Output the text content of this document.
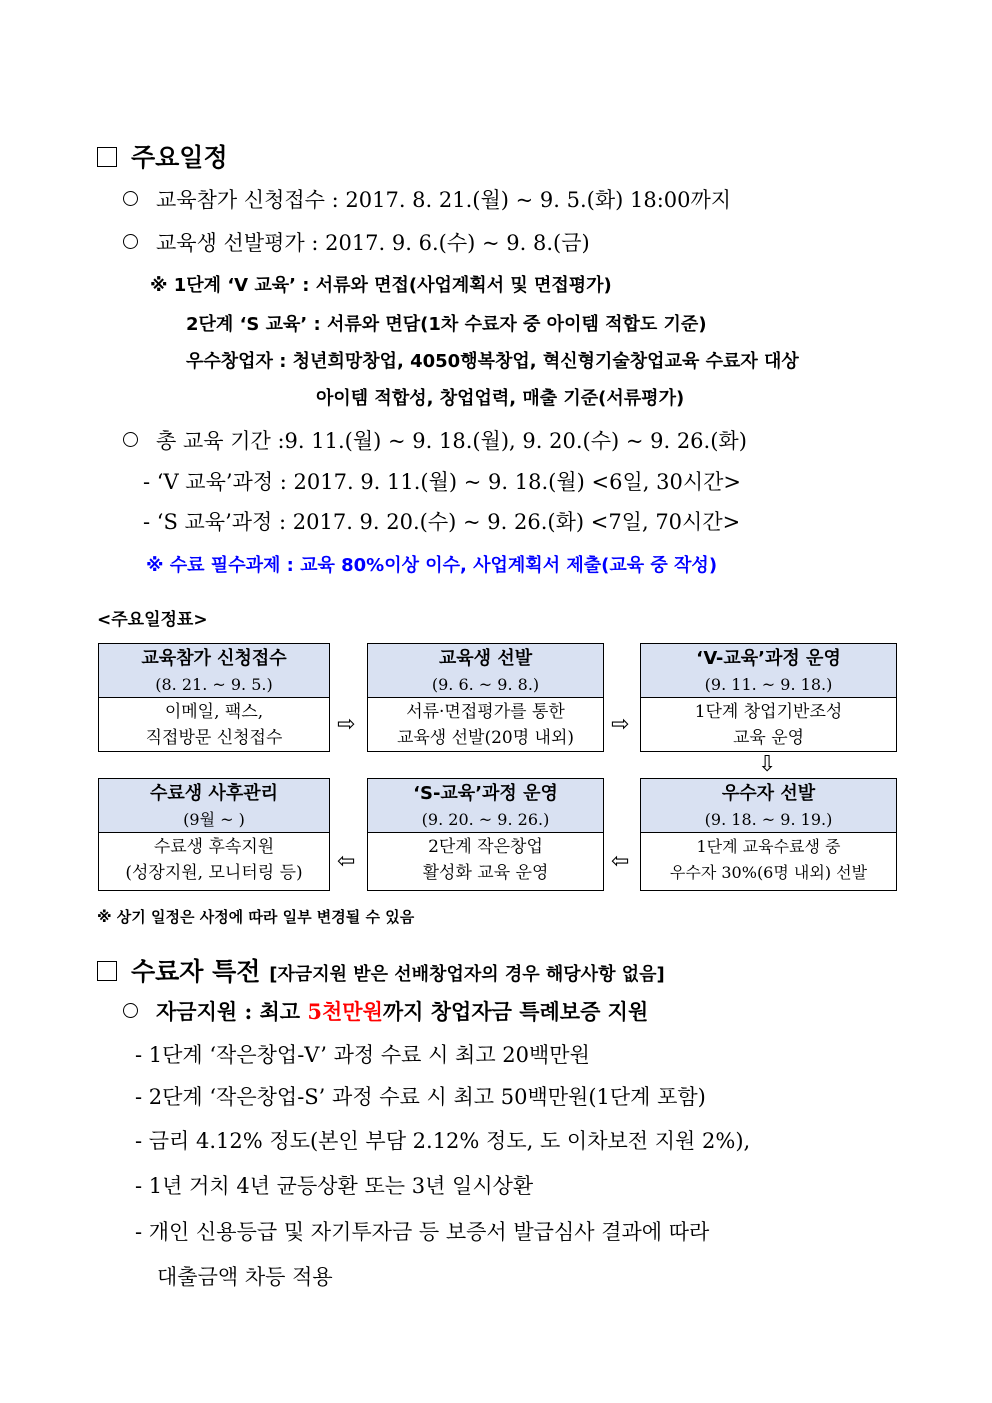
주요일정
교육참가 신청접수 : 2017. 8. 21.(월) ~ 9. 5.(화) 18:00까지
교육생 선발평가 : 2017. 9. 6.(수) ~ 9. 8.(금)
※ 1단계 ‘V 교육’ : 서류와 면접(사업계획서 및 면접평가)
2단계 ‘S 교육’ : 서류와 면담(1차 수료자 중 아이템 적합도 기준)
우수창업자 : 청년희망창업, 4050행복창업, 혁신형기술창업교육 수료자 대상
아이템 적합성, 창업업력, 매출 기준(서류평가)
총 교육 기간 :9. 11.(월) ~ 9. 18.(월), 9. 20.(수) ~ 9. 26.(화)
- ‘V 교육’과정 : 2017. 9. 11.(월) ~ 9. 18.(월) <6일, 30시간>
- ‘S 교육’과정 : 2017. 9. 20.(수) ~ 9. 26.(화) <7일, 70시간>
※ 수료 필수과제 : 교육 80%이상 이수, 사업계획서 제출(교육 중 작성)
<주요일정표>
교육참가 신청접수
(8. 21. ~ 9. 5.)
이메일, 팩스,
직접방문 신청접수
⇨
교육생 선발
(9. 6. ~ 9. 8.)
서류·면접평가를 통한
교육생 선발(20명 내외)
⇨
‘V-교육’과정 운영
(9. 11. ~ 9. 18.)
1단계 창업기반조성
교육 운영
⇩
수료생 사후관리
(9월 ~ )
수료생 후속지원
(성장지원, 모니터링 등)	⇦
‘S-교육’과정 운영
(9. 20. ~ 9. 26.)
2단계 작은창업
활성화 교육 운영	⇦
우수자 선발
(9. 18. ~ 9. 19.)
1단계 교육수료생 중
우수자 30%(6명 내외) 선발
※ 상기 일정은 사정에 따라 일부 변경될 수 있음
수료자 특전 [자금지원 받은 선배창업자의 경우 해당사항 없음]
자금지원 : 최고 5천만원까지 창업자금 특례보증 지원
- 1단계 ‘작은창업-V’ 과정 수료 시 최고 20백만원
- 2단계 ‘작은창업-S’ 과정 수료 시 최고 50백만원(1단계 포함)
- 금리 4.12% 정도(본인 부담 2.12% 정도, 도 이차보전 지원 2%),
- 1년 거치 4년 균등상환 또는 3년 일시상환
- 개인 신용등급 및 자기투자금 등 보증서 발급심사 결과에 따라
대출금액 차등 적용
